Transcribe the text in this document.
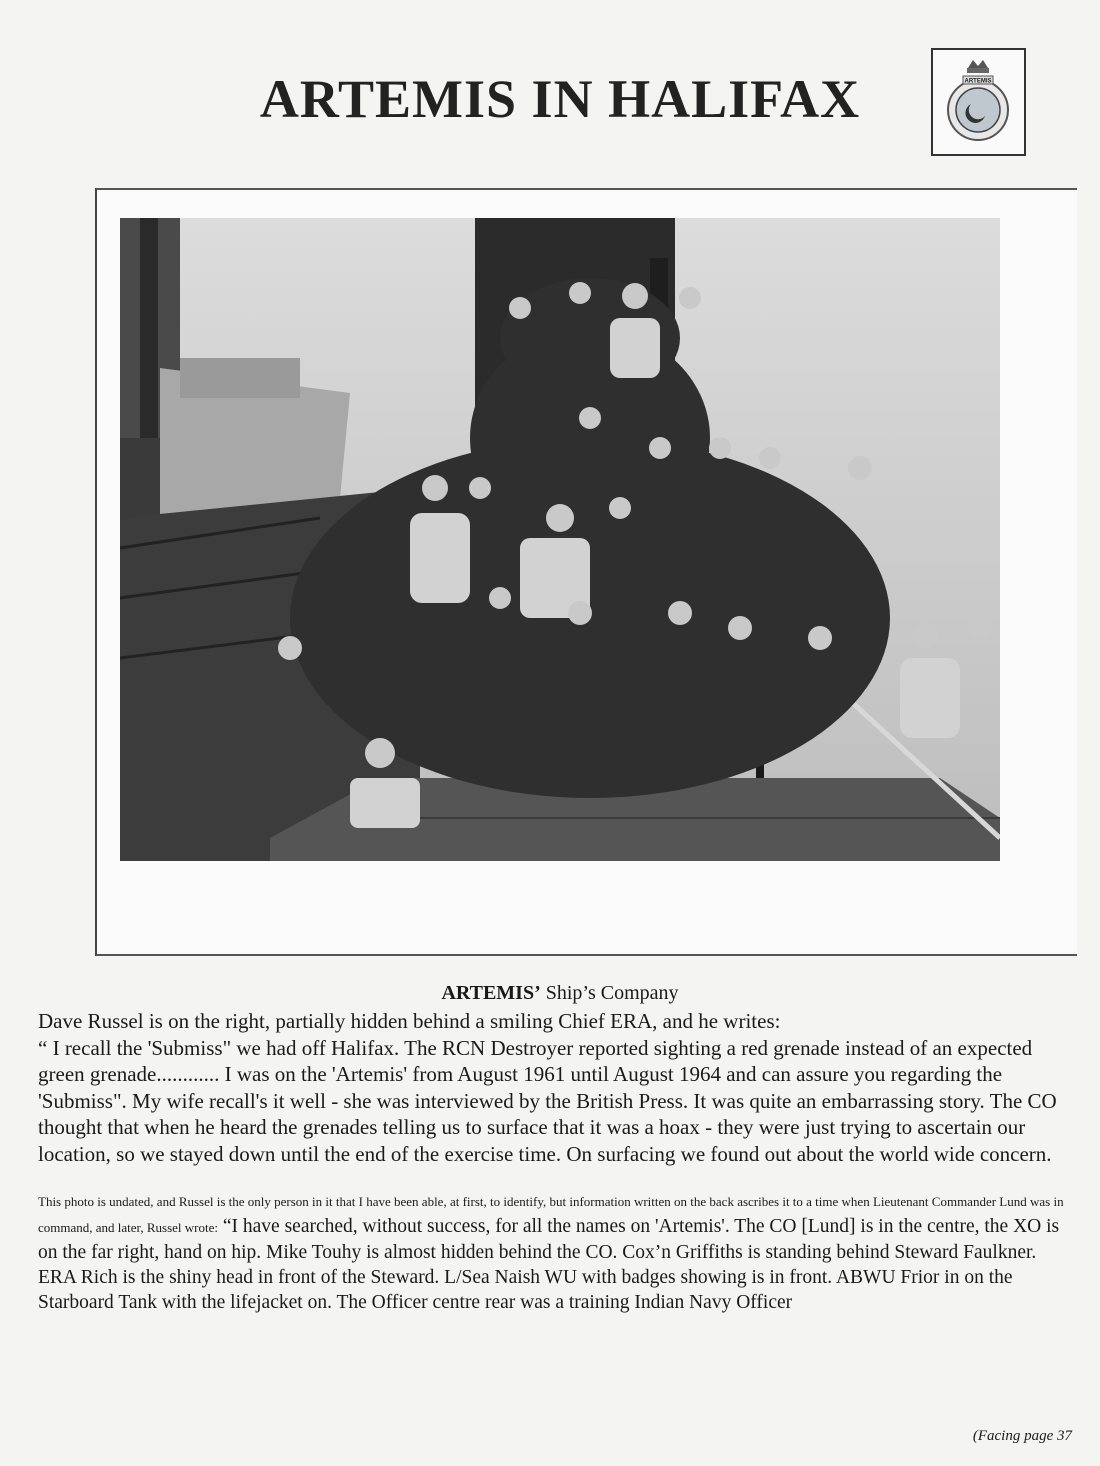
ARTEMIS IN HALIFAX	ARTEMIS
ARTEMIS’ Ship’s Company

Dave Russel is on the right, partially hidden behind a smiling Chief ERA, and he writes:

“ I recall the 'Submiss" we had off Halifax. The RCN Destroyer reported sighting a red grenade instead of an expected green grenade............ I was on the 'Artemis' from August 1961 until August 1964 and can assure you regarding the 'Submiss". My wife recall's it well - she was interviewed by the British Press. It was quite an embarrassing story. The CO thought that when he heard the grenades telling us to surface that it was a hoax - they were just trying to ascertain our location, so we stayed down until the end of the exercise time. On surfacing we found out about the world wide concern.

This photo is undated, and Russel is the only person in it that I have been able, at first, to identify, but information written on the back ascribes it to a time when Lieutenant Commander Lund was in command, and later, Russel wrote: “I have searched, without success, for all the names on 'Artemis'. The CO [Lund] is in the centre, the XO is on the far right, hand on hip. Mike Touhy is almost hidden behind the CO. Cox’n Griffiths is standing behind Steward Faulkner. ERA Rich is the shiny head in front of the Steward. L/Sea Naish WU with badges showing is in front. ABWU Frior in on the Starboard Tank with the lifejacket on. The Officer centre rear was a training Indian Navy Officer
(Facing page 37
